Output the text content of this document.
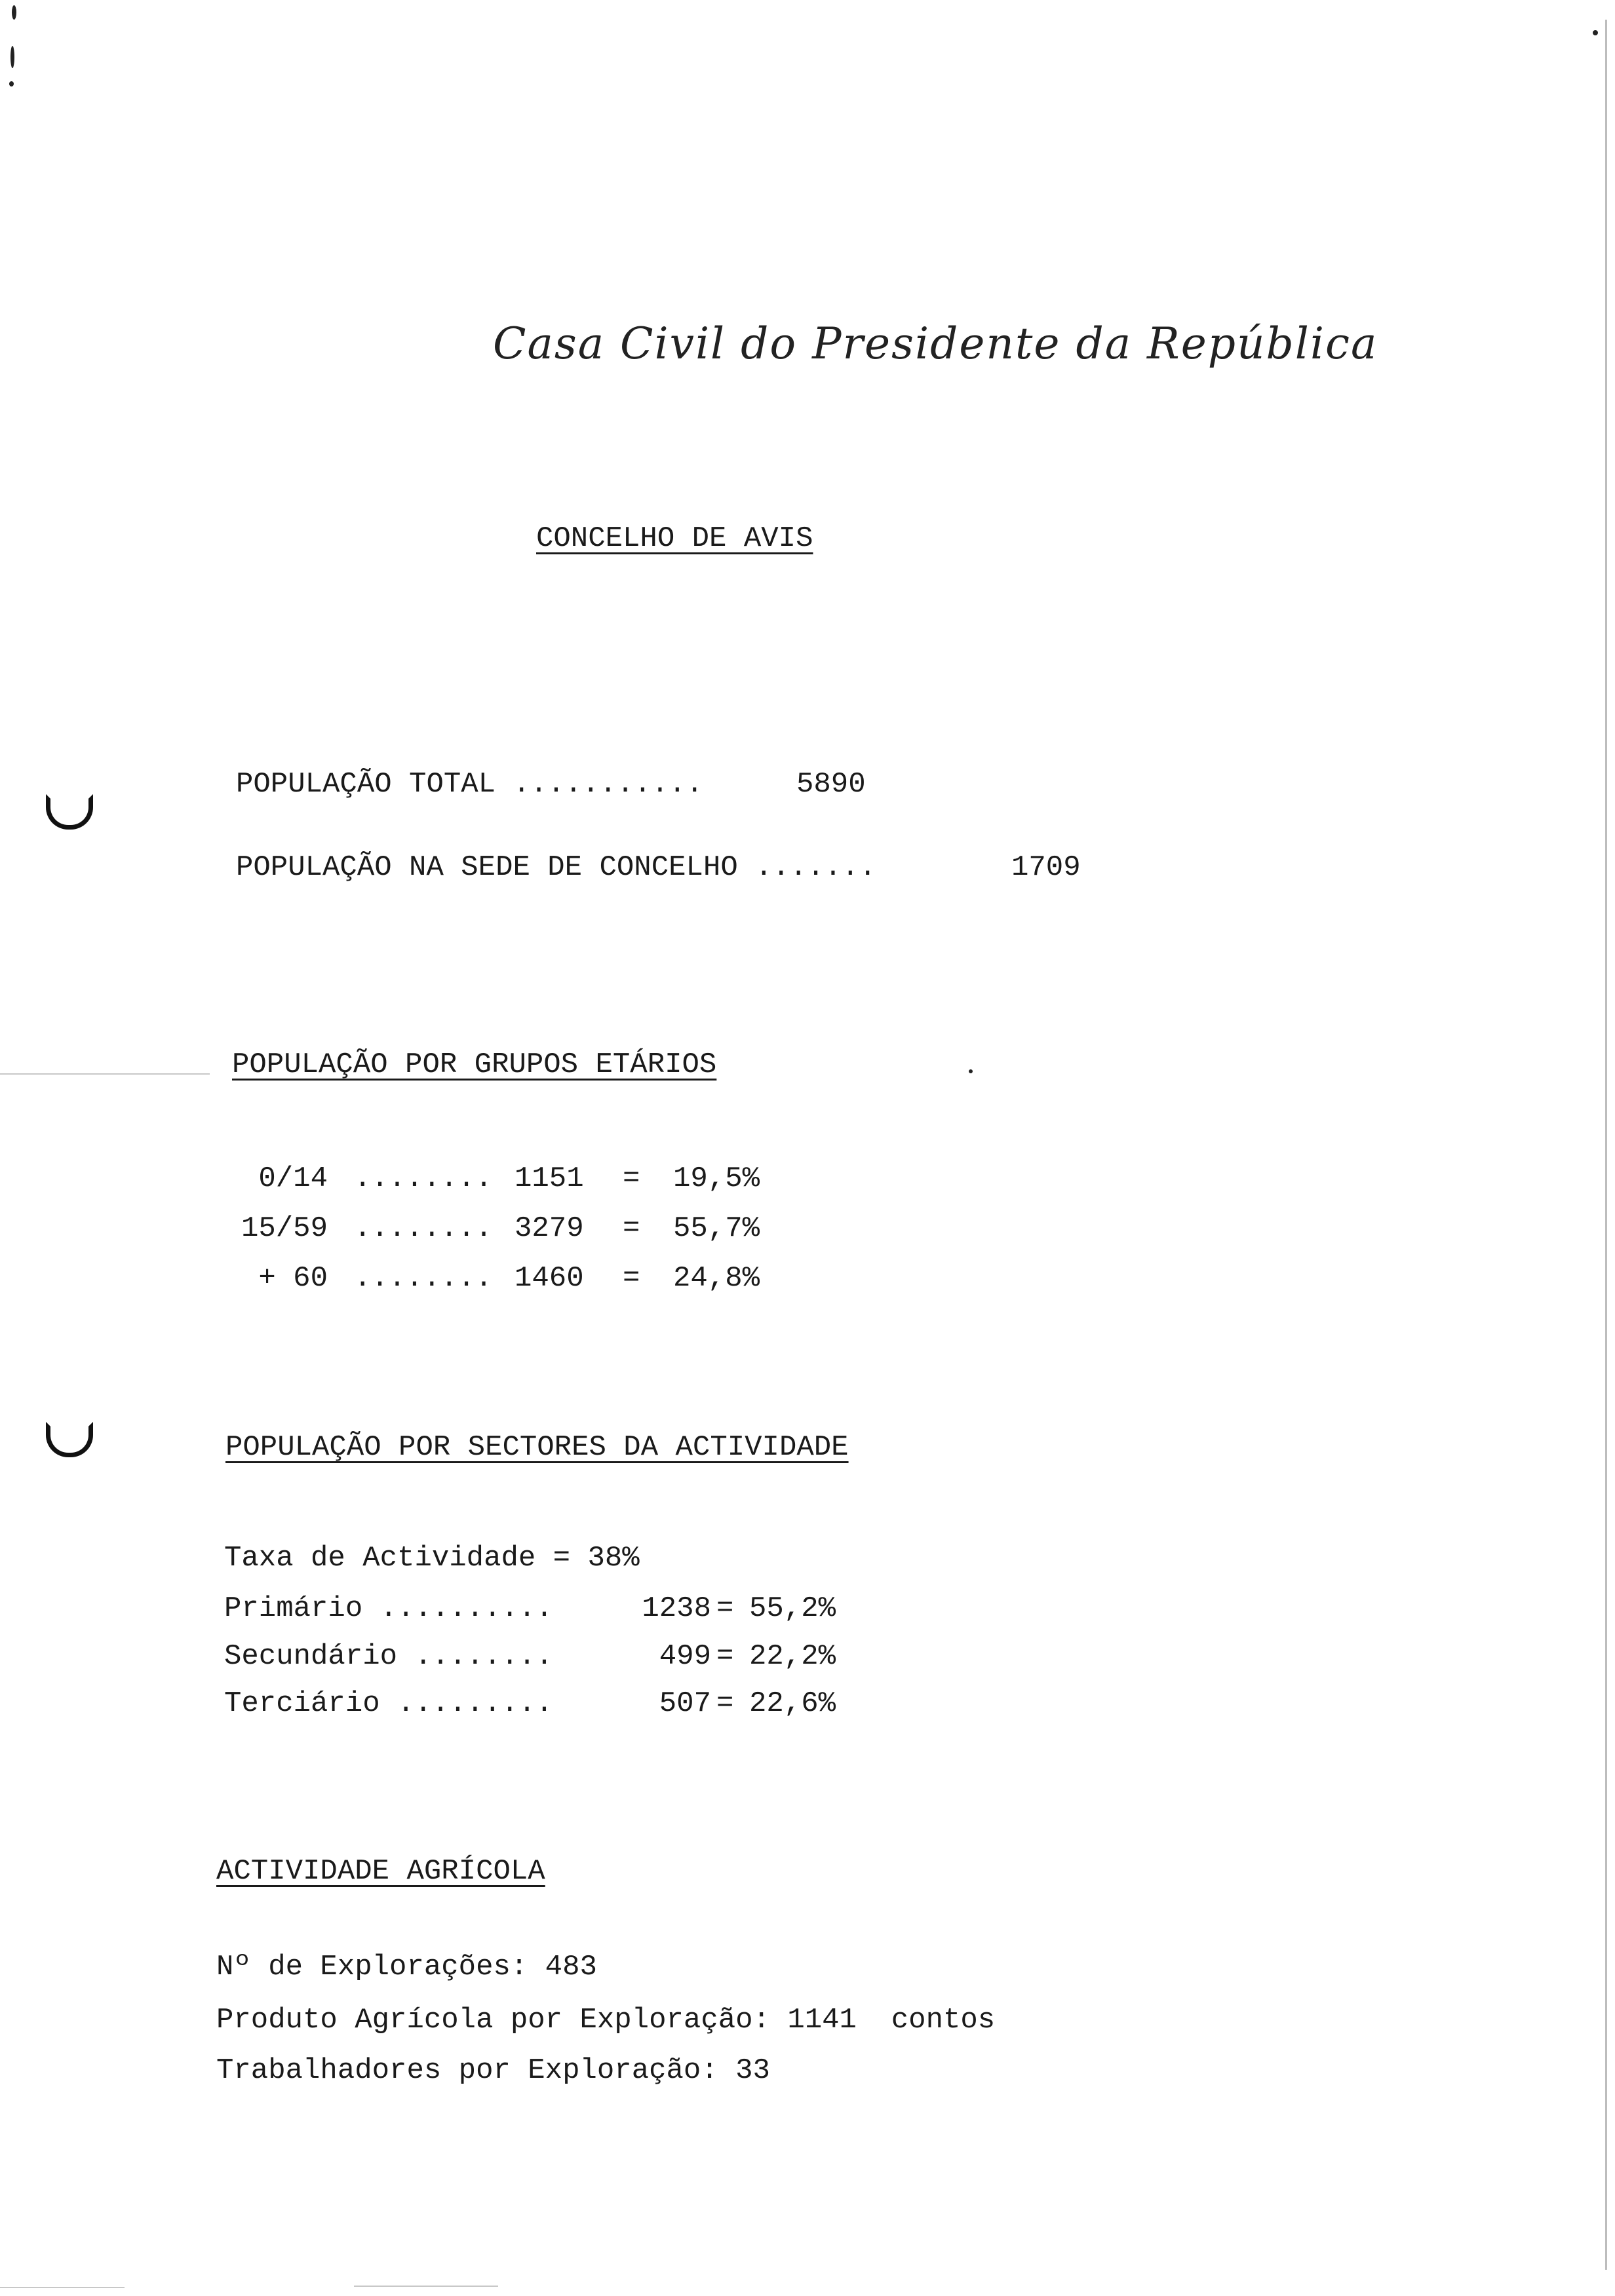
Casa Civil do Presidente da República
CONCELHO DE AVIS
POPULAÇÃO TOTAL ...........	5890
POPULAÇÃO NA SEDE DE CONCELHO .......	1709
POPULAÇÃO POR GRUPOS ETÁRIOS
0/14 ........ 1151 = 19,5%
15/59 ........ 3279 = 55,7%
+ 60 ........ 1460 = 24,8%
POPULAÇÃO POR SECTORES DA ACTIVIDADE
Taxa de Actividade = 38%
Primário ..........	1238 = 55,2%
Secundário ........	499 = 22,2%
Terciário .........	507 = 22,6%
ACTIVIDADE AGRÍCOLA
Nº de Explorações: 483
Produto Agrícola por Exploração: 1141  contos
Trabalhadores por Exploração: 33
